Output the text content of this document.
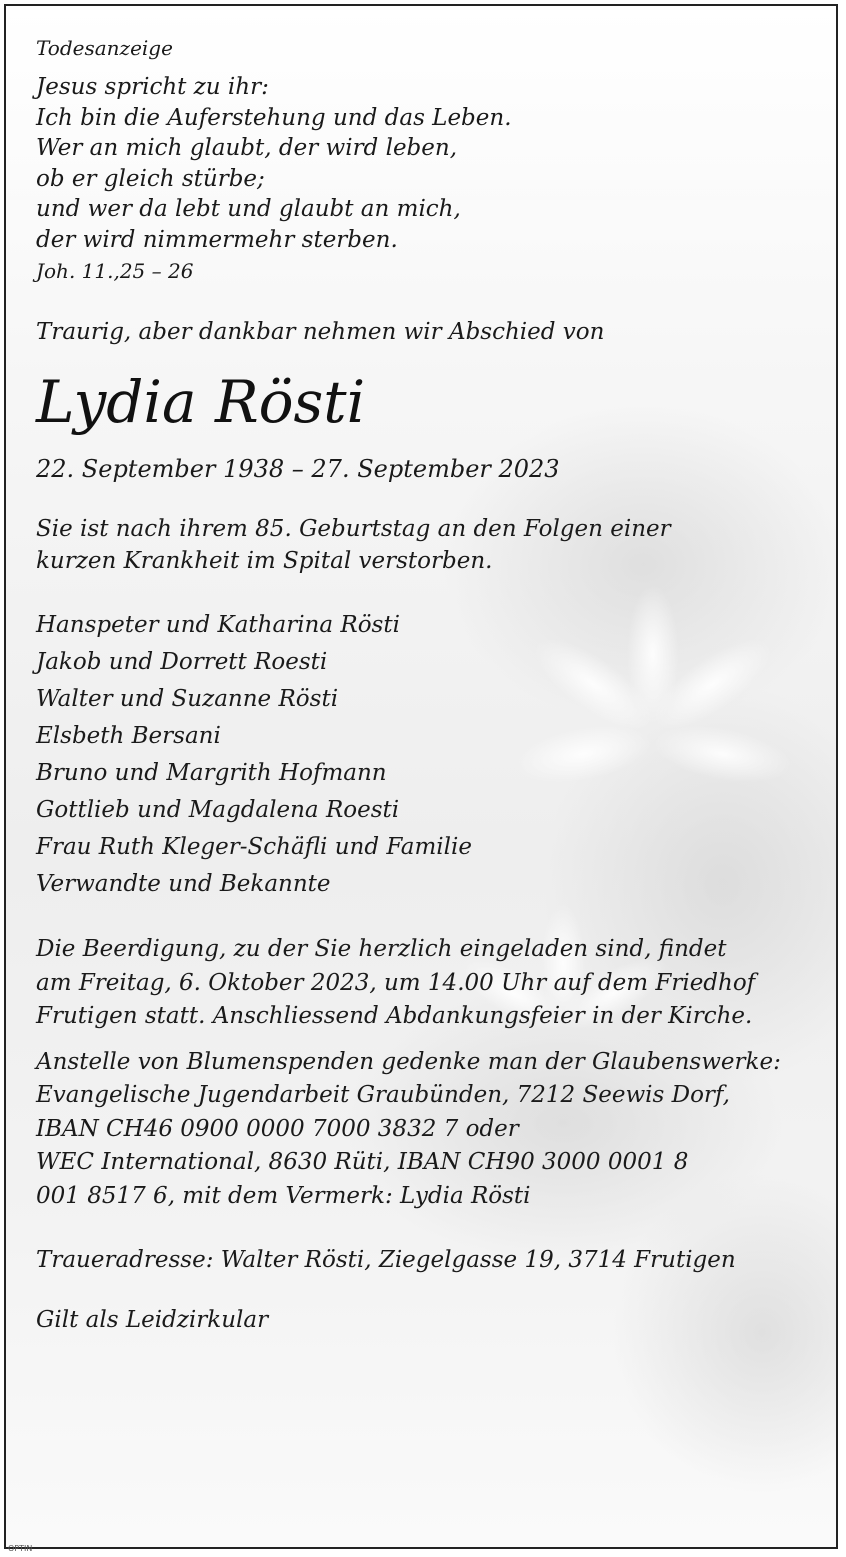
Todesanzeige

Jesus spricht zu ihr:
Ich bin die Auferstehung und das Leben.
Wer an mich glaubt, der wird leben,
ob er gleich stürbe;
und wer da lebt und glaubt an mich,
der wird nimmermehr sterben.

Joh. 11.,25 – 26

Traurig, aber dankbar nehmen wir Abschied von

Lydia Rösti

22. September 1938 – 27. September 2023

Sie ist nach ihrem 85. Geburtstag an den Folgen einer
kurzen Krankheit im Spital verstorben.
Hanspeter und Katharina Rösti
Jakob und Dorrett Roesti
Walter und Suzanne Rösti
Elsbeth Bersani
Bruno und Margrith Hofmann
Gottlieb und Magdalena Roesti
Frau Ruth Kleger-Schäfli und Familie
Verwandte und Bekannte
Die Beerdigung, zu der Sie herzlich eingeladen sind, findet
am Freitag, 6. Oktober 2023, um 14.00 Uhr auf dem Friedhof
Frutigen statt. Anschliessend Abdankungsfeier in der Kirche.
Anstelle von Blumenspenden gedenke man der Glaubenswerke:
Evangelische Jugendarbeit Graubünden, 7212 Seewis Dorf,
IBAN CH46 0900 0000 7000 3832 7 oder
WEC International, 8630 Rüti, IBAN CH90 3000 0001 8
001 8517 6, mit dem Vermerk: Lydia Rösti

Traueradresse: Walter Rösti, Ziegelgasse 19, 3714 Frutigen

Gilt als Leidzirkular

OPTIN
